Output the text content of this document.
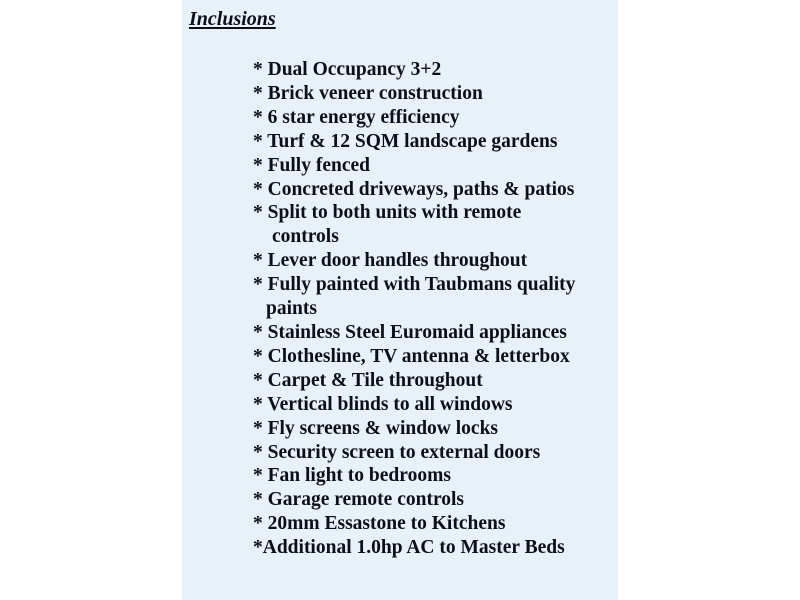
Inclusions
* Dual Occupancy 3+2
* Brick veneer construction
* 6 star energy efficiency
* Turf & 12 SQM landscape gardens
* Fully fenced
* Concreted driveways, paths & patios
* Split to both units with remote
controls
* Lever door handles throughout
* Fully painted with Taubmans quality
paints
* Stainless Steel Euromaid appliances
* Clothesline, TV antenna & letterbox
* Carpet & Tile throughout
* Vertical blinds to all windows
* Fly screens & window locks
* Security screen to external doors
* Fan light to bedrooms
* Garage remote controls
* 20mm Essastone to Kitchens
*Additional 1.0hp AC to Master Beds
